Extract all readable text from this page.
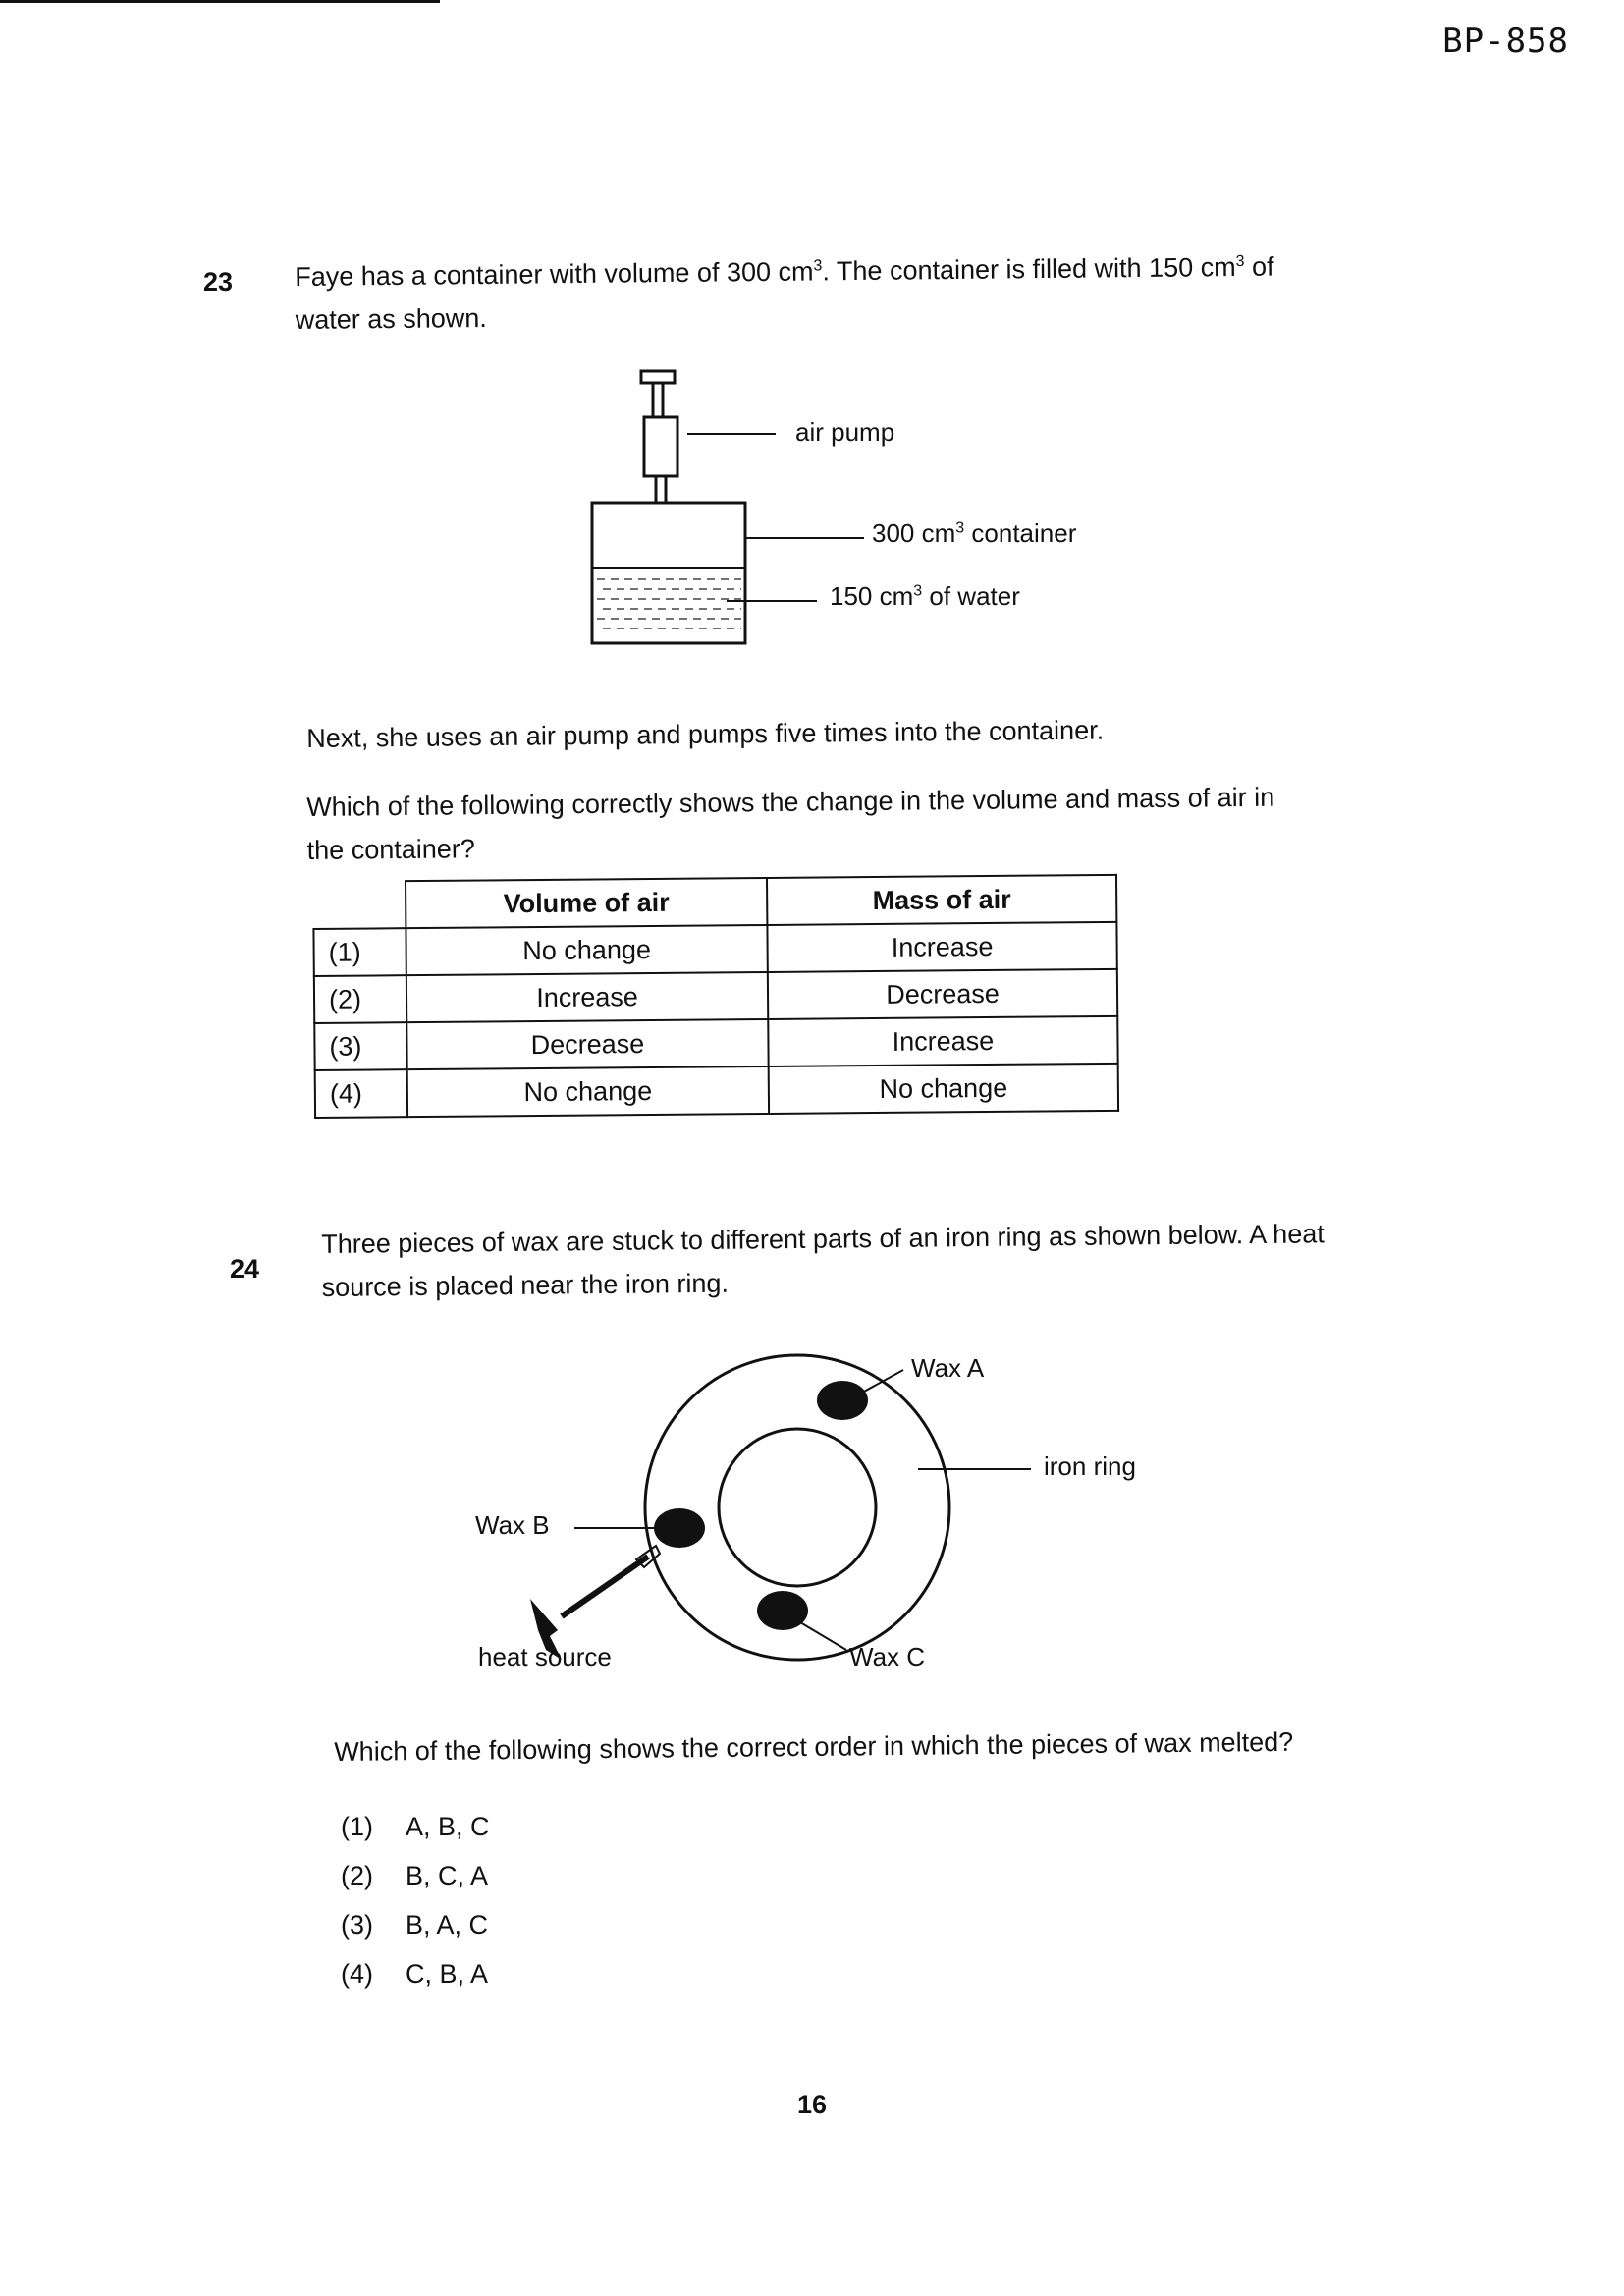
BP-858
23 Faye has a container with volume of 300 $cm^3$. The container is filled with 150 $cm^3$ of
water as shown.
air pump
300 $cm^3$ container
150 $cm^3$ of water
Next, she uses an air pump and pumps five times into the container.
Which of the following correctly shows the change in the volume and mass of air in
the container?
	Volume of air	Mass of air
(1)	No change	Increase
(2)	Increase	Decrease
(3)	Decrease	Increase
(4)	No change	No change
24
Three pieces of wax are stuck to different parts of an iron ring as shown below. A heat
source is placed near the iron ring.
Wax A
iron ring
Wax B
heat source	Wax C
Which of the following shows the correct order in which the pieces of wax melted?
(1) A, B, C
(2) B, C, A
(3) B, A, C
(4) C, B, A
16
